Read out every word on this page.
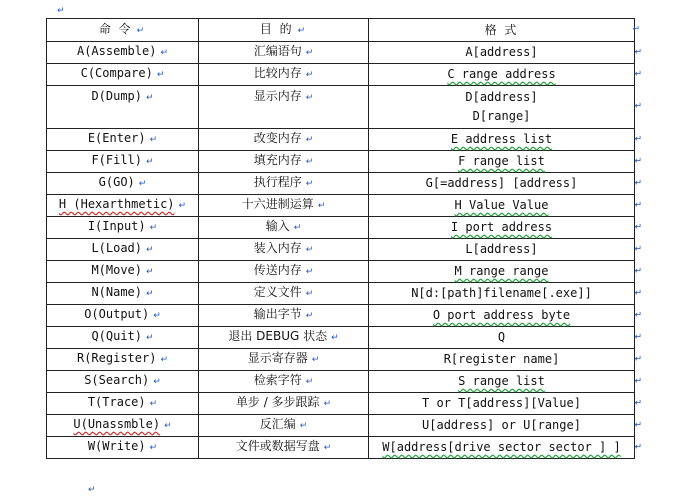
↵
命 令 ↵	目 的 ↵	格 式 ↵

A(Assemble) ↵	汇编语句 ↵	A[address] ↵

C(Compare) ↵	比较内存 ↵	C range address ↵

D(Dump) ↵	显示内存 ↵	D[address]
D[range]
↵

E(Enter) ↵	改变内存 ↵	E address list ↵

F(Fill) ↵	填充内存 ↵	F range list ↵

G(GO) ↵	执行程序 ↵	G[=address] [address] ↵

H (Hexarthmetic) ↵	十六进制运算 ↵	H Value Value ↵

I(Input) ↵	输入 ↵	I port address ↵

L(Load) ↵	装入内存 ↵	L[address] ↵

M(Move) ↵	传送内存 ↵	M range range ↵

N(Name) ↵	定义文件 ↵	N[d:[path]filename[.exe]] ↵

O(Output) ↵	输出字节 ↵	O port address byte ↵

Q(Quit) ↵	退出 DEBUG 状态 ↵	Q ↵

R(Register) ↵	显示寄存器 ↵	R[register name] ↵

S(Search) ↵	检索字符 ↵	S range list ↵

T(Trace) ↵	单步 / 多步跟踪 ↵	T or T[address][Value] ↵

U(Unassmble) ↵	反汇编 ↵	U[address] or U[range] ↵

W(Write) ↵	文件或数据写盘 ↵	W[address[drive sector sector ] ] ↵
↵
